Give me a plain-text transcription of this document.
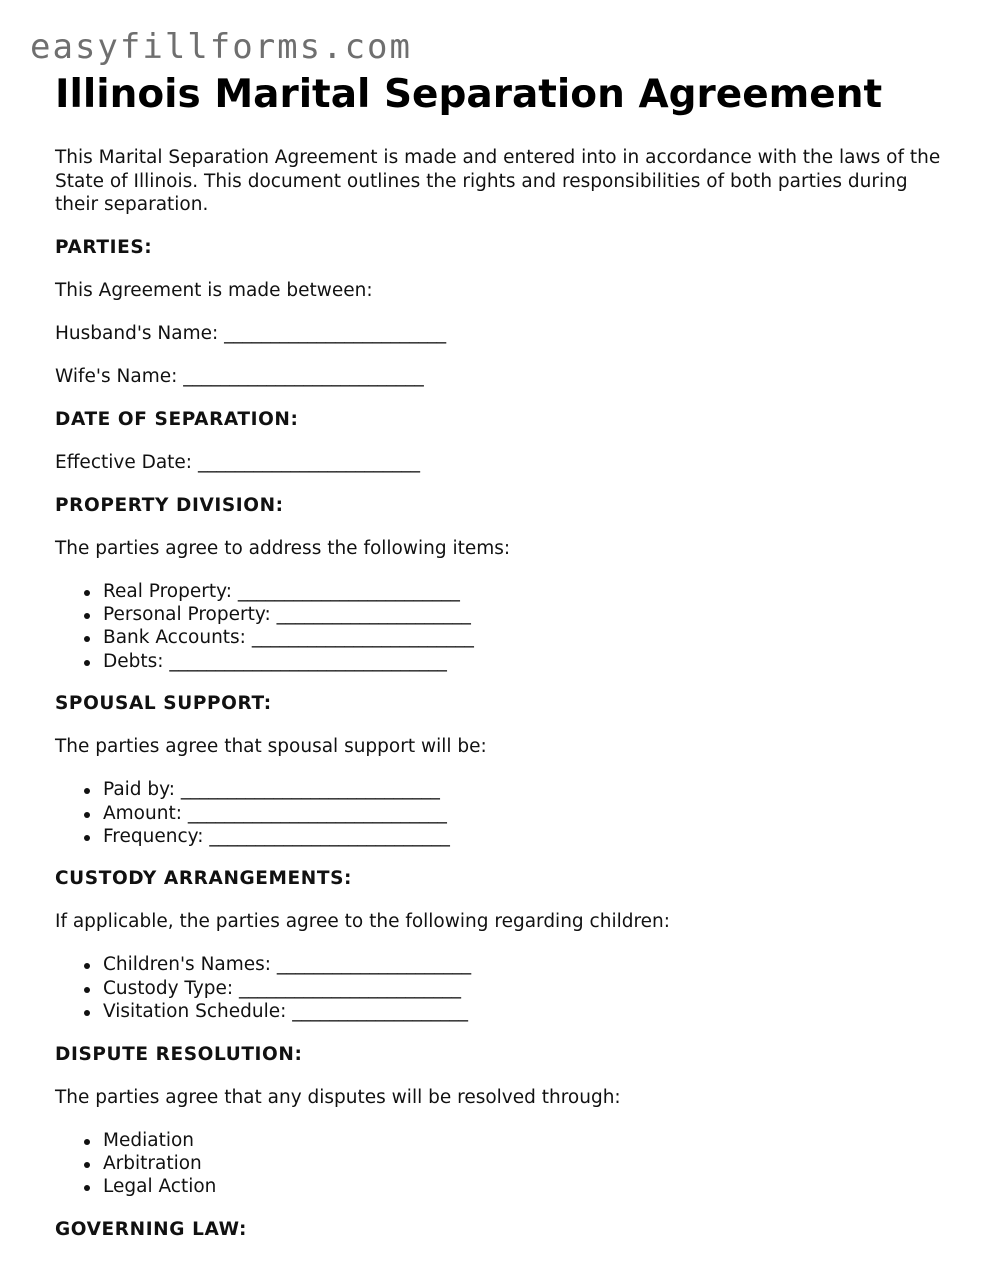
easyfillforms.com
Illinois Marital Separation Agreement

This Marital Separation Agreement is made and entered into in accordance with the laws of the State of Illinois. This document outlines the rights and responsibilities of both parties during their separation.

PARTIES:

This Agreement is made between:

Husband's Name: ________________________

Wife's Name: __________________________

DATE OF SEPARATION:

Effective Date: ________________________

PROPERTY DIVISION:

The parties agree to address the following items:

Real Property: ________________________
Personal Property: _____________________
Bank Accounts: ________________________
Debts: ______________________________

SPOUSAL SUPPORT:

The parties agree that spousal support will be:

Paid by: ____________________________
Amount: ____________________________
Frequency: __________________________

CUSTODY ARRANGEMENTS:

If applicable, the parties agree to the following regarding children:

Children's Names: _____________________
Custody Type: ________________________
Visitation Schedule: ___________________

DISPUTE RESOLUTION:

The parties agree that any disputes will be resolved through:

Mediation
Arbitration
Legal Action

GOVERNING LAW:
